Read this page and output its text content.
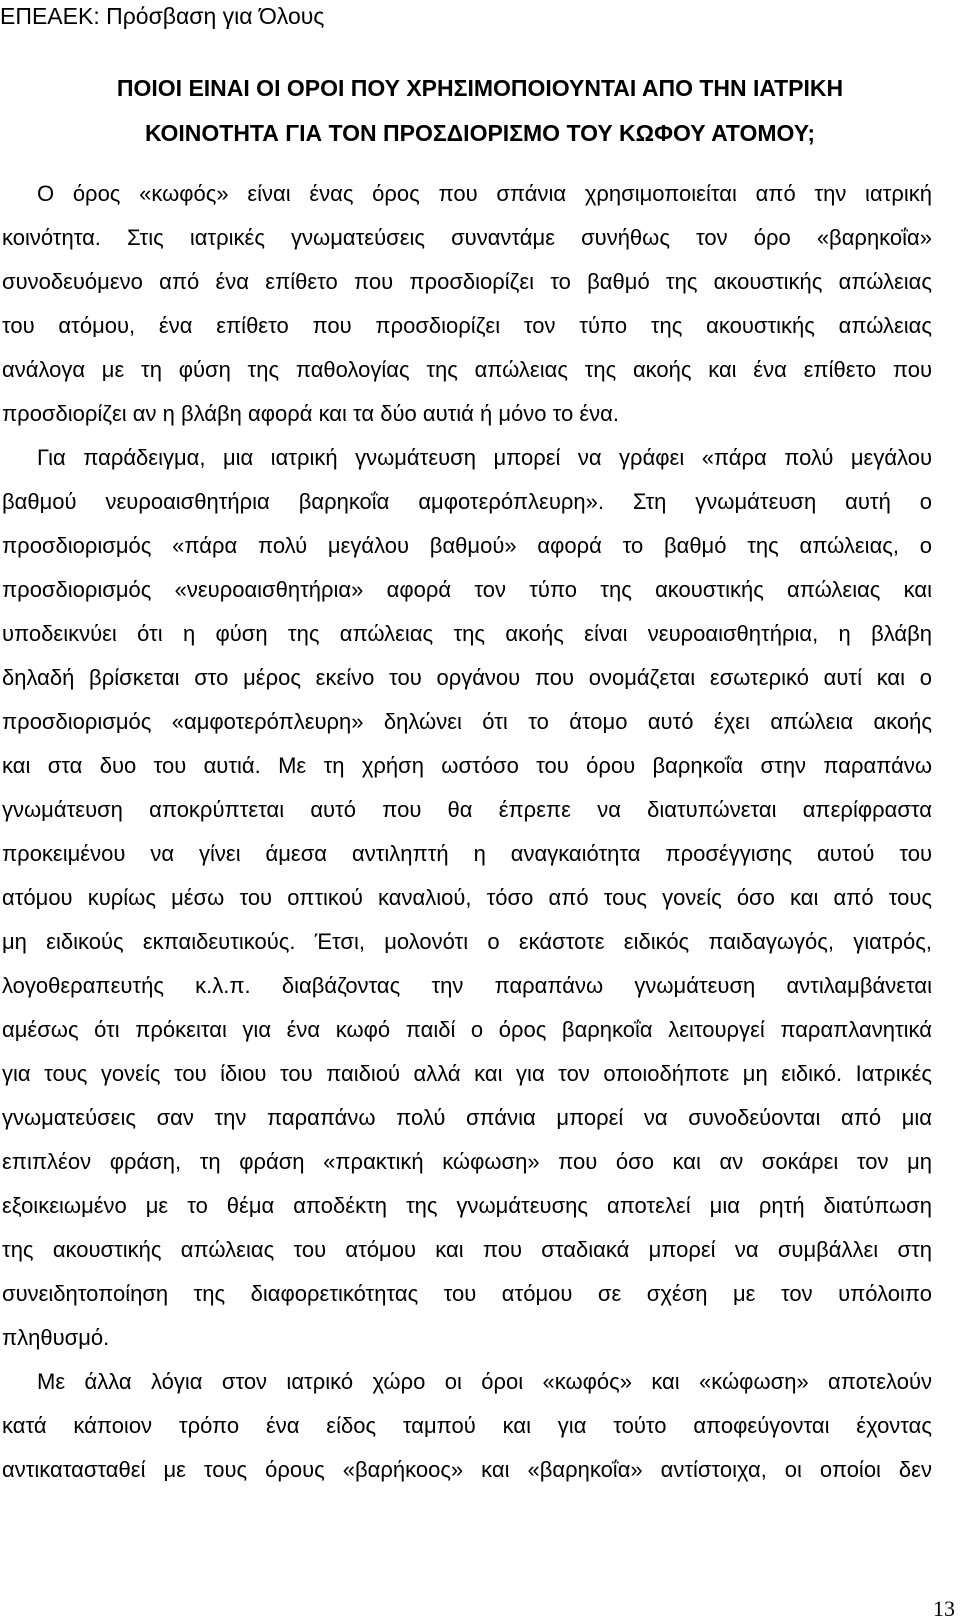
ΕΠΕΑΕΚ: Πρόσβαση για Όλους
ΠΟΙΟΙ ΕΙΝΑΙ ΟΙ ΟΡΟΙ ΠΟΥ ΧΡΗΣΙΜΟΠΟΙΟΥΝΤΑΙ ΑΠΟ ΤΗΝ ΙΑΤΡΙΚΗ
ΚΟΙΝΟΤΗΤΑ ΓΙΑ ΤΟΝ ΠΡΟΣΔΙΟΡΙΣΜΟ ΤΟΥ ΚΩΦΟΥ ΑΤΟΜΟΥ;
Ο όρος «κωφός» είναι ένας όρος που σπάνια χρησιμοποιείται από την ιατρική
κοινότητα. Στις ιατρικές γνωματεύσεις συναντάμε συνήθως τον όρο «βαρηκοΐα»
συνοδευόμενο από ένα επίθετο που προσδιορίζει το βαθμό της ακουστικής απώλειας
του ατόμου, ένα επίθετο που προσδιορίζει τον τύπο της ακουστικής απώλειας
ανάλογα με τη φύση της παθολογίας της απώλειας της ακοής και ένα επίθετο που
προσδιορίζει αν η βλάβη αφορά και τα δύο αυτιά ή μόνο το ένα.
Για παράδειγμα, μια ιατρική γνωμάτευση μπορεί να γράφει «πάρα πολύ μεγάλου
βαθμού νευροαισθητήρια βαρηκοΐα αμφοτερόπλευρη». Στη γνωμάτευση αυτή ο
προσδιορισμός «πάρα πολύ μεγάλου βαθμού» αφορά το βαθμό της απώλειας, ο
προσδιορισμός «νευροαισθητήρια» αφορά τον τύπο της ακουστικής απώλειας και
υποδεικνύει ότι η φύση της απώλειας της ακοής είναι νευροαισθητήρια, η βλάβη
δηλαδή βρίσκεται στο μέρος εκείνο του οργάνου που ονομάζεται εσωτερικό αυτί και ο
προσδιορισμός «αμφοτερόπλευρη» δηλώνει ότι το άτομο αυτό έχει απώλεια ακοής
και στα δυο του αυτιά. Με τη χρήση ωστόσο του όρου βαρηκοΐα στην παραπάνω
γνωμάτευση αποκρύπτεται αυτό που θα έπρεπε να διατυπώνεται απερίφραστα
προκειμένου να γίνει άμεσα αντιληπτή η αναγκαιότητα προσέγγισης αυτού του
ατόμου κυρίως μέσω του οπτικού καναλιού, τόσο από τους γονείς όσο και από τους
μη ειδικούς εκπαιδευτικούς. Έτσι, μολονότι ο εκάστοτε ειδικός παιδαγωγός, γιατρός,
λογοθεραπευτής κ.λ.π. διαβάζοντας την παραπάνω γνωμάτευση αντιλαμβάνεται
αμέσως ότι πρόκειται για ένα κωφό παιδί ο όρος βαρηκοΐα λειτουργεί παραπλανητικά
για τους γονείς του ίδιου του παιδιού αλλά και για τον οποιοδήποτε μη ειδικό. Ιατρικές
γνωματεύσεις σαν την παραπάνω πολύ σπάνια μπορεί να συνοδεύονται από μια
επιπλέον φράση, τη φράση «πρακτική κώφωση» που όσο και αν σοκάρει τον μη
εξοικειωμένο με το θέμα αποδέκτη της γνωμάτευσης αποτελεί μια ρητή διατύπωση
της ακουστικής απώλειας του ατόμου και που σταδιακά μπορεί να συμβάλλει στη
συνειδητοποίηση της διαφορετικότητας του ατόμου σε σχέση με τον υπόλοιπο
πληθυσμό.
Με άλλα λόγια στον ιατρικό χώρο οι όροι «κωφός» και «κώφωση» αποτελούν
κατά κάποιον τρόπο ένα είδος ταμπού και για τούτο αποφεύγονται έχοντας
αντικατασταθεί με τους όρους «βαρήκοος» και «βαρηκοΐα» αντίστοιχα, οι οποίοι δεν
13
